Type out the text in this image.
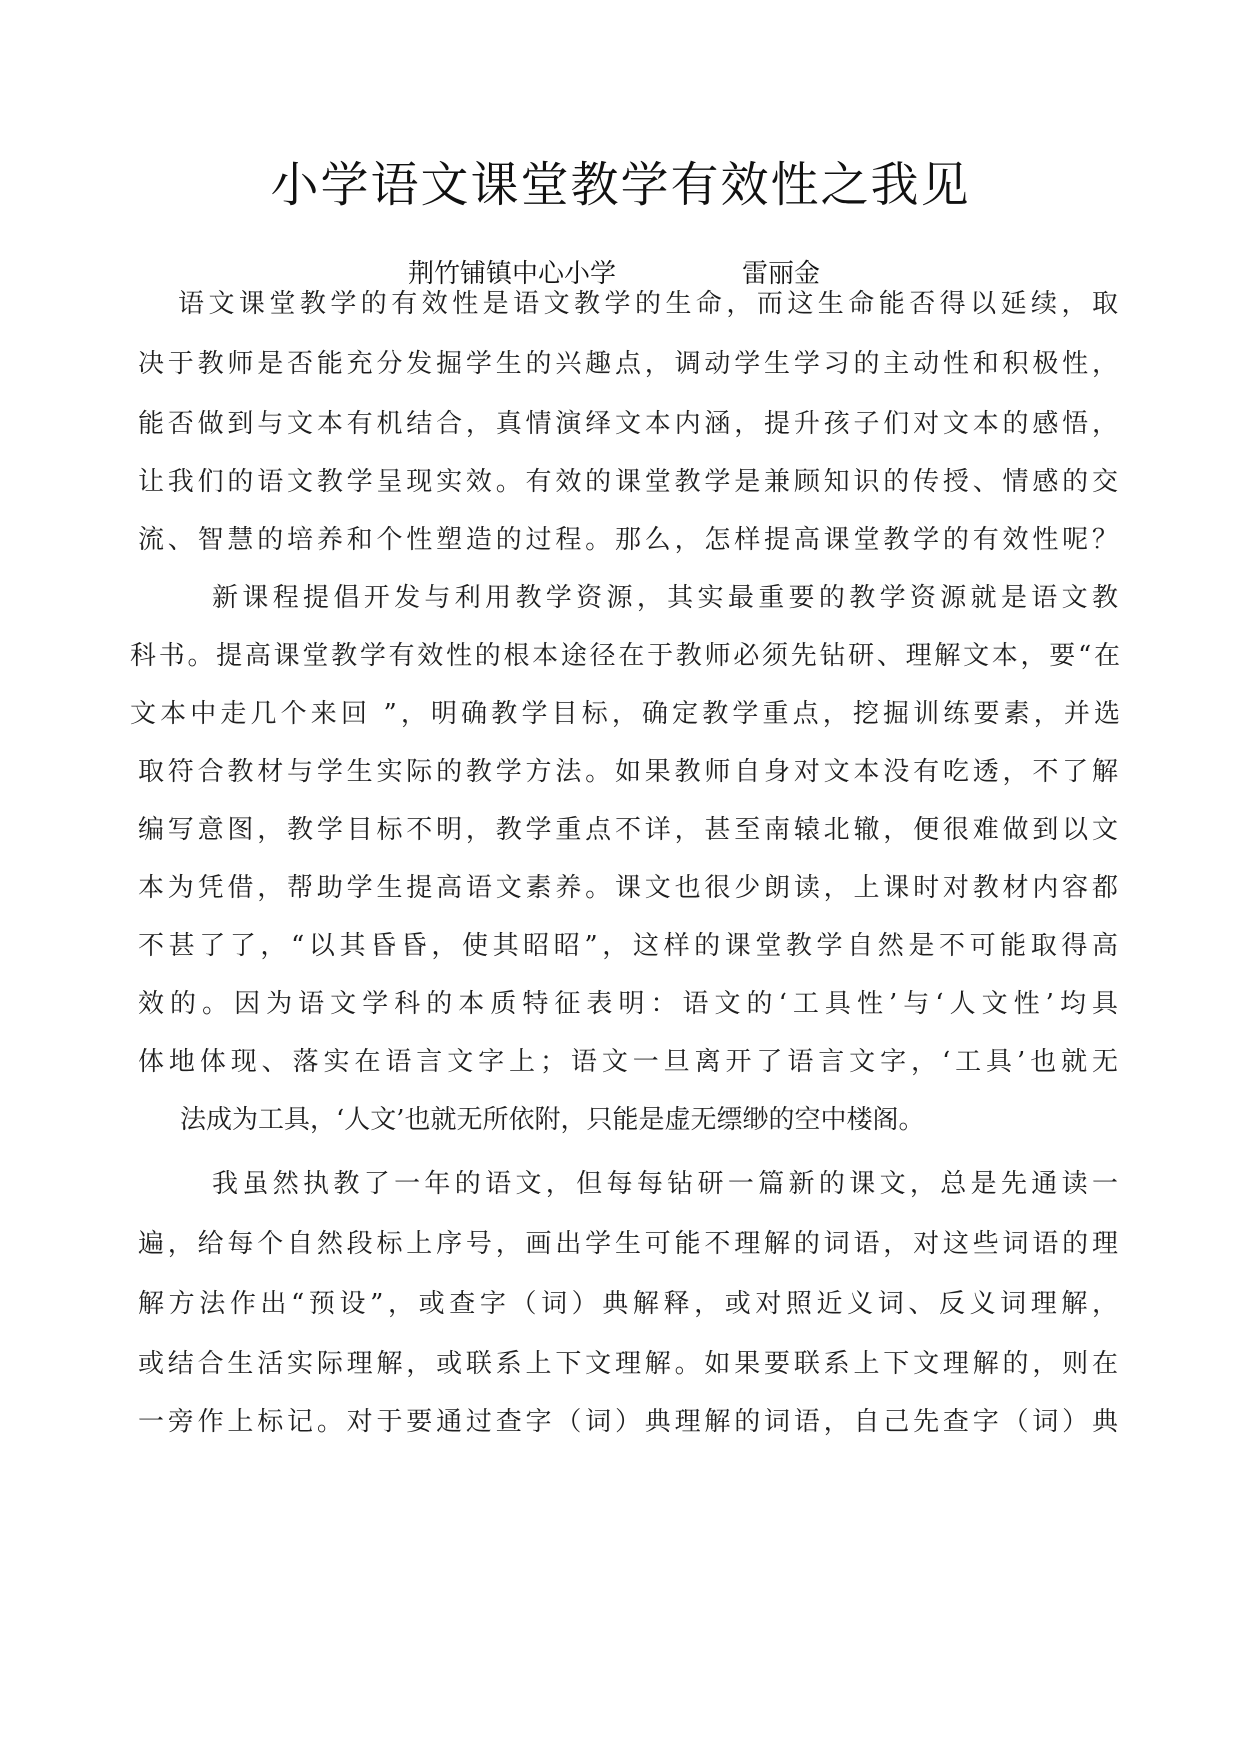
小学语文课堂教学有效性之我见
荆竹铺镇中心小学	雷丽金
语文课堂教学的有效性是语文教学的生命，而这生命能否得以延续，取
决于教师是否能充分发掘学生的兴趣点，调动学生学习的主动性和积极性，
能否做到与文本有机结合，真情演绎文本内涵，提升孩子们对文本的感悟，
让我们的语文教学呈现实效。有效的课堂教学是兼顾知识的传授、情感的交
流、智慧的培养和个性塑造的过程。那么，怎样提高课堂教学的有效性呢？
新课程提倡开发与利用教学资源，其实最重要的教学资源就是语文教
科书。提高课堂教学有效性的根本途径在于教师必须先钻研、理解文本，要“在
文本中走几个来回 ”，明确教学目标，确定教学重点，挖掘训练要素，并选
取符合教材与学生实际的教学方法。如果教师自身对文本没有吃透，不了解
编写意图，教学目标不明，教学重点不详，甚至南辕北辙，便很难做到以文
本为凭借，帮助学生提高语文素养。课文也很少朗读，上课时对教材内容都
不甚了了，“以其昏昏，使其昭昭”，这样的课堂教学自然是不可能取得高
效的。因为语文学科的本质特征表明：语文的‘工具性’与‘人文性’均具
体地体现、落实在语言文字上；语文一旦离开了语言文字，‘工具’也就无
法成为工具，‘人文’也就无所依附，只能是虚无缥缈的空中楼阁。
我虽然执教了一年的语文，但每每钻研一篇新的课文，总是先通读一
遍，给每个自然段标上序号，画出学生可能不理解的词语，对这些词语的理
解方法作出“预设”，或查字（词）典解释，或对照近义词、反义词理解，
或结合生活实际理解，或联系上下文理解。如果要联系上下文理解的，则在
一旁作上标记。对于要通过查字（词）典理解的词语，自己先查字（词）典
